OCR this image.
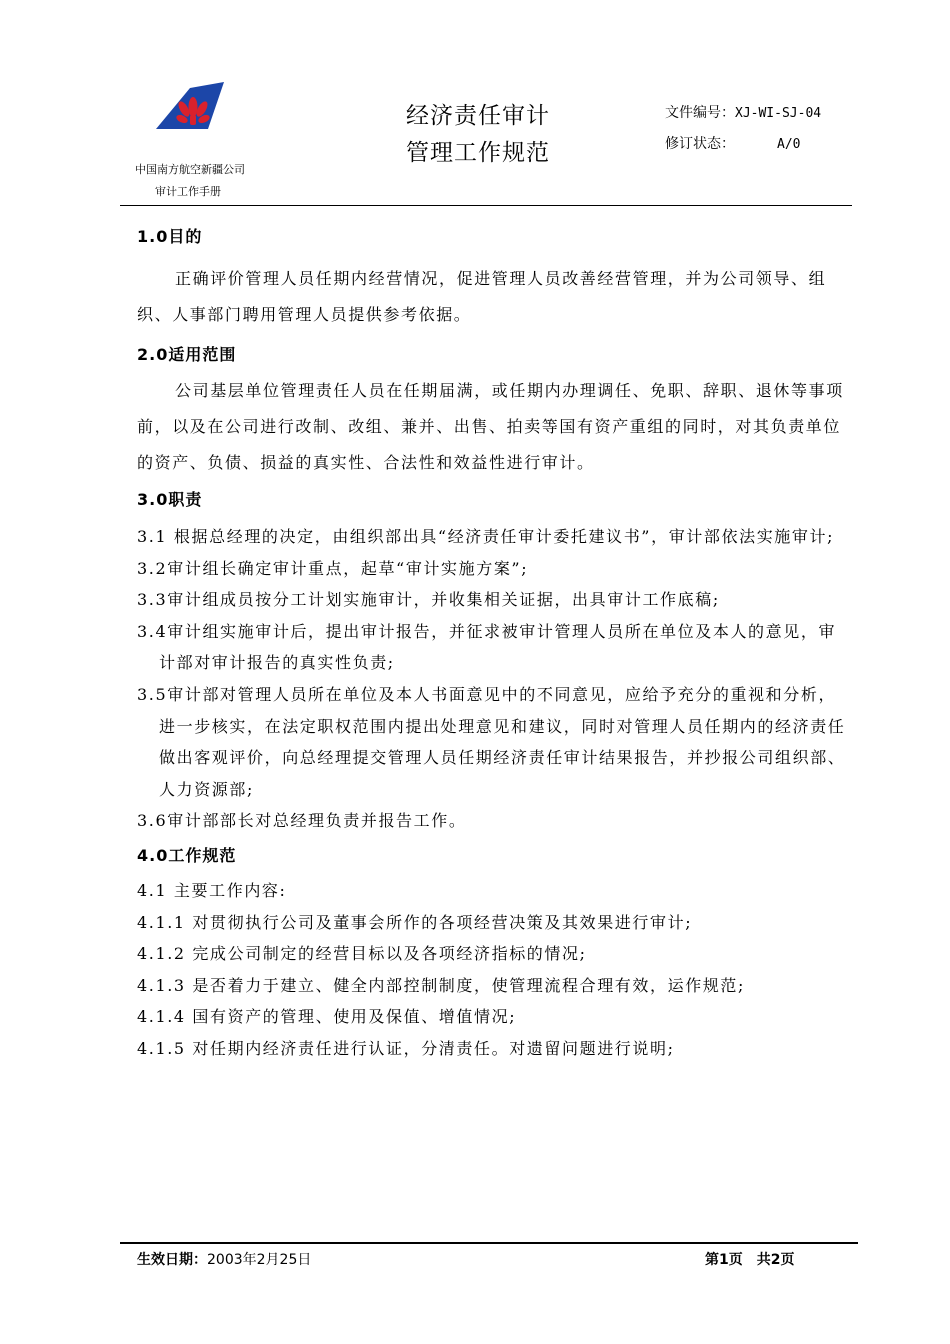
中国南方航空新疆公司
审计工作手册
经济责任审计
管理工作规范
文件编号：XJ-WI-SJ-04
修订状态：	A/0

1.0目的

正确评价管理人员任期内经营情况，促进管理人员改善经营管理，并为公司领导、组织、人事部门聘用管理人员提供参考依据。

2.0适用范围

公司基层单位管理责任人员在任期届满，或任期内办理调任、免职、辞职、退休等事项前，以及在公司进行改制、改组、兼并、出售、拍卖等国有资产重组的同时，对其负责单位的资产、负债、损益的真实性、合法性和效益性进行审计。

3.0职责

3.1 根据总经理的决定，由组织部出具“经济责任审计委托建议书”，审计部依法实施审计;

3.2审计组长确定审计重点，起草“审计实施方案”;

3.3审计组成员按分工计划实施审计，并收集相关证据，出具审计工作底稿;

3.4审计组实施审计后，提出审计报告，并征求被审计管理人员所在单位及本人的意见，审计部对审计报告的真实性负责;

3.5审计部对管理人员所在单位及本人书面意见中的不同意见，应给予充分的重视和分析，进一步核实，在法定职权范围内提出处理意见和建议，同时对管理人员任期内的经济责任做出客观评价，向总经理提交管理人员任期经济责任审计结果报告，并抄报公司组织部、人力资源部;

3.6审计部部长对总经理负责并报告工作。

4.0工作规范

4.1 主要工作内容:

4.1.1 对贯彻执行公司及董事会所作的各项经营决策及其效果进行审计;

4.1.2 完成公司制定的经营目标以及各项经济指标的情况;

4.1.3 是否着力于建立、健全内部控制制度，使管理流程合理有效，运作规范;

4.1.4 国有资产的管理、使用及保值、增值情况;

4.1.5 对任期内经济责任进行认证，分清责任。对遗留问题进行说明;

生效日期：2003年2月25日	第1页 共2页
